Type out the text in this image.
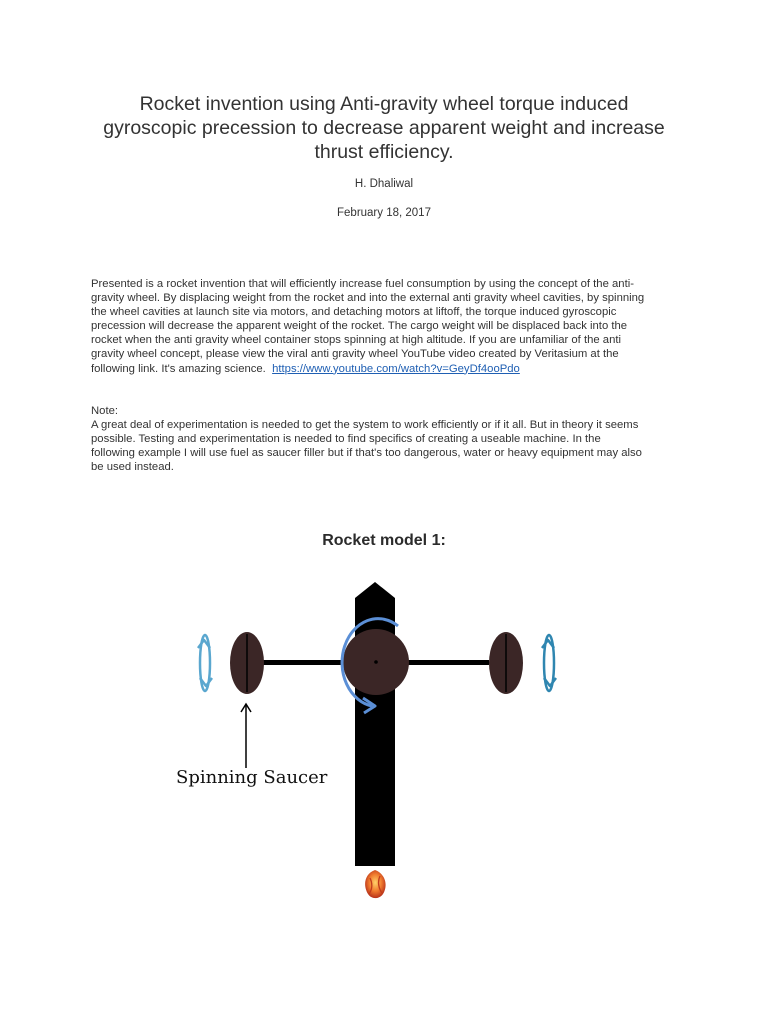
Rocket invention using Anti-gravity wheel torque induced
gyroscopic precession to decrease apparent weight and increase
thrust efficiency.
H. Dhaliwal
February 18, 2017
Presented is a rocket invention that will efficiently increase fuel consumption by using the concept of the anti-
gravity wheel. By displacing weight from the rocket and into the external anti gravity wheel cavities, by spinning
the wheel cavities at launch site via motors, and detaching motors at liftoff, the torque induced gyroscopic
precession will decrease the apparent weight of the rocket. The cargo weight will be displaced back into the
rocket when the anti gravity wheel container stops spinning at high altitude. If you are unfamiliar of the anti
gravity wheel concept, please view the viral anti gravity wheel YouTube video created by Veritasium at the
following link. It's amazing science. https://www.youtube.com/watch?v=GeyDf4ooPdo
Note:
A great deal of experimentation is needed to get the system to work efficiently or if it all. But in theory it seems
possible. Testing and experimentation is needed to find specifics of creating a useable machine. In the
following example I will use fuel as saucer filler but if that's too dangerous, water or heavy equipment may also
be used instead.
Rocket model 1:
Spinning Saucer
